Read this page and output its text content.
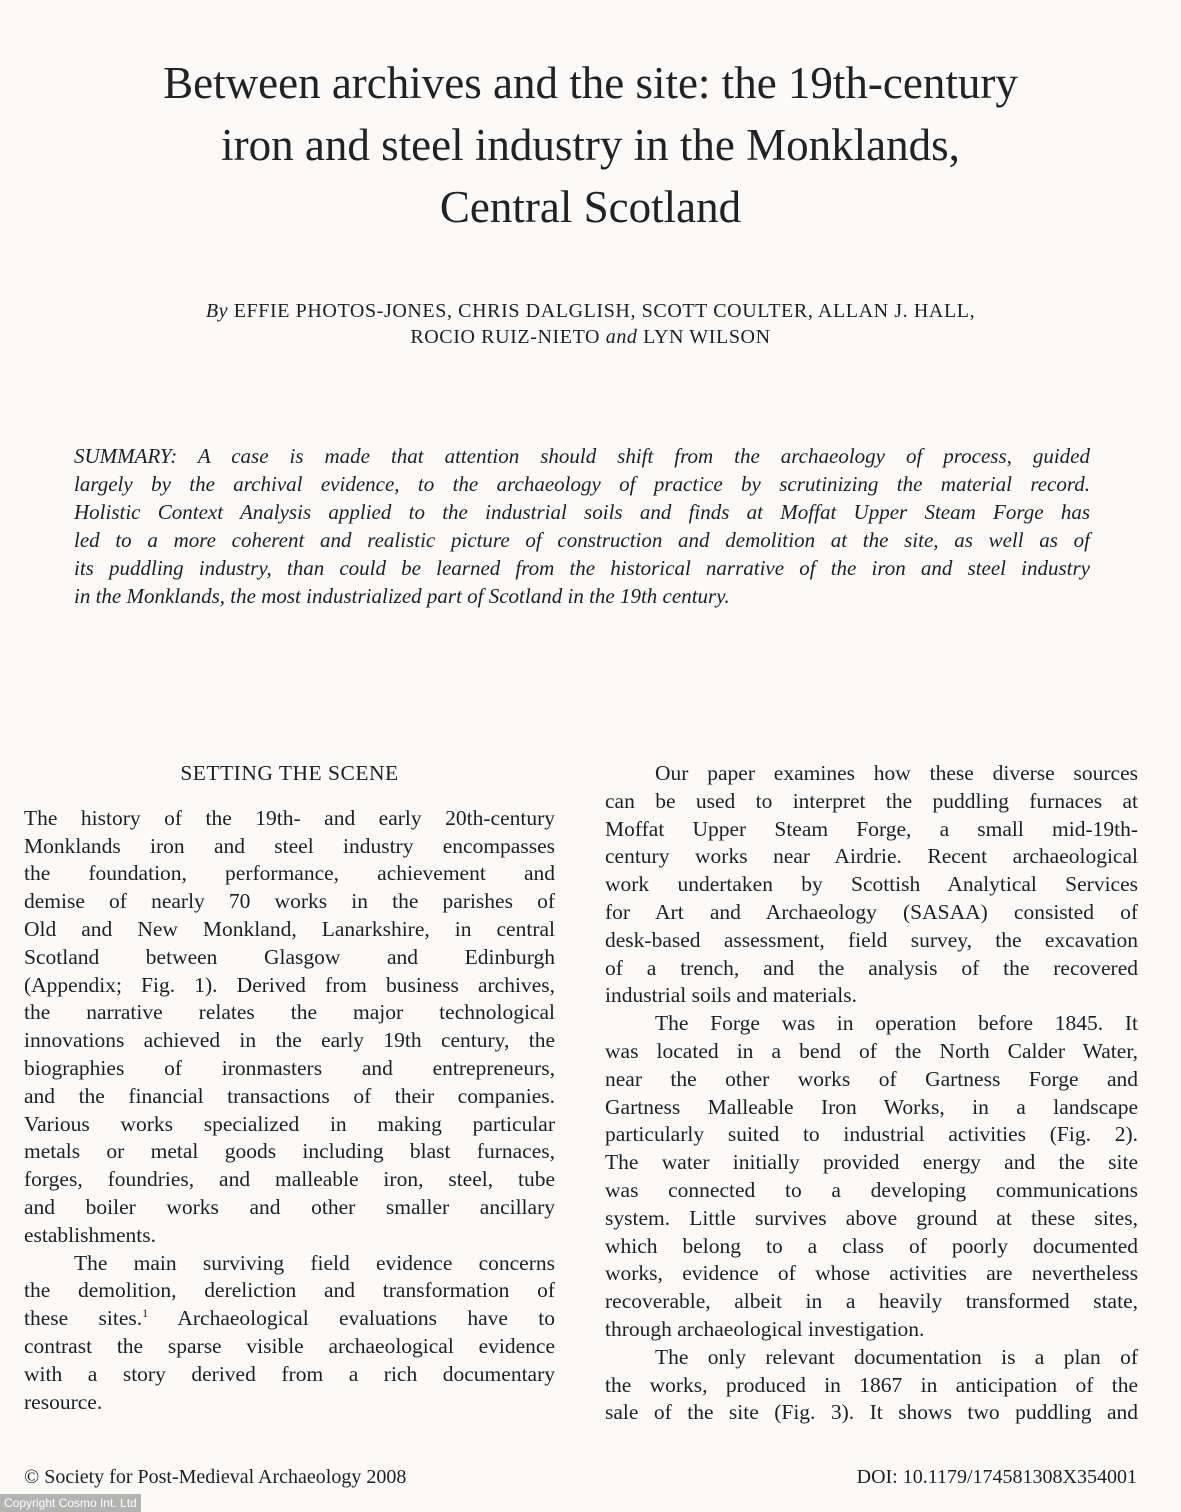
Between archives and the site: the 19th-century
iron and steel industry in the Monklands,
Central Scotland
By EFFIE PHOTOS-JONES, CHRIS DALGLISH, SCOTT COULTER, ALLAN J. HALL,
ROCIO RUIZ-NIETO and LYN WILSON
SUMMARY: A case is made that attention should shift from the archaeology of process, guided
largely by the archival evidence, to the archaeology of practice by scrutinizing the material record.
Holistic Context Analysis applied to the industrial soils and finds at Moffat Upper Steam Forge has
led to a more coherent and realistic picture of construction and demolition at the site, as well as of
its puddling industry, than could be learned from the historical narrative of the iron and steel industry
in the Monklands, the most industrialized part of Scotland in the 19th century.
SETTING THE SCENE
The history of the 19th- and early 20th-century
Monklands iron and steel industry encompasses
the foundation, performance, achievement and
demise of nearly 70 works in the parishes of
Old and New Monkland, Lanarkshire, in central
Scotland between Glasgow and Edinburgh
(Appendix; Fig. 1). Derived from business archives,
the narrative relates the major technological
innovations achieved in the early 19th century, the
biographies of ironmasters and entrepreneurs,
and the financial transactions of their companies.
Various works specialized in making particular
metals or metal goods including blast furnaces,
forges, foundries, and malleable iron, steel, tube
and boiler works and other smaller ancillary
establishments.
The main surviving field evidence concerns
the demolition, dereliction and transformation of
these sites.$^1$ Archaeological evaluations have to
contrast the sparse visible archaeological evidence
with a story derived from a rich documentary
resource.
Our paper examines how these diverse sources
can be used to interpret the puddling furnaces at
Moffat Upper Steam Forge, a small mid-19th-
century works near Airdrie. Recent archaeological
work undertaken by Scottish Analytical Services
for Art and Archaeology (SASAA) consisted of
desk-based assessment, field survey, the excavation
of a trench, and the analysis of the recovered
industrial soils and materials.
The Forge was in operation before 1845. It
was located in a bend of the North Calder Water,
near the other works of Gartness Forge and
Gartness Malleable Iron Works, in a landscape
particularly suited to industrial activities (Fig. 2).
The water initially provided energy and the site
was connected to a developing communications
system. Little survives above ground at these sites,
which belong to a class of poorly documented
works, evidence of whose activities are nevertheless
recoverable, albeit in a heavily transformed state,
through archaeological investigation.
The only relevant documentation is a plan of
the works, produced in 1867 in anticipation of the
sale of the site (Fig. 3). It shows two puddling and
© Society for Post-Medieval Archaeology 2008	DOI: 10.1179/174581308X354001
Copyright Cosmo Int. Ltd
